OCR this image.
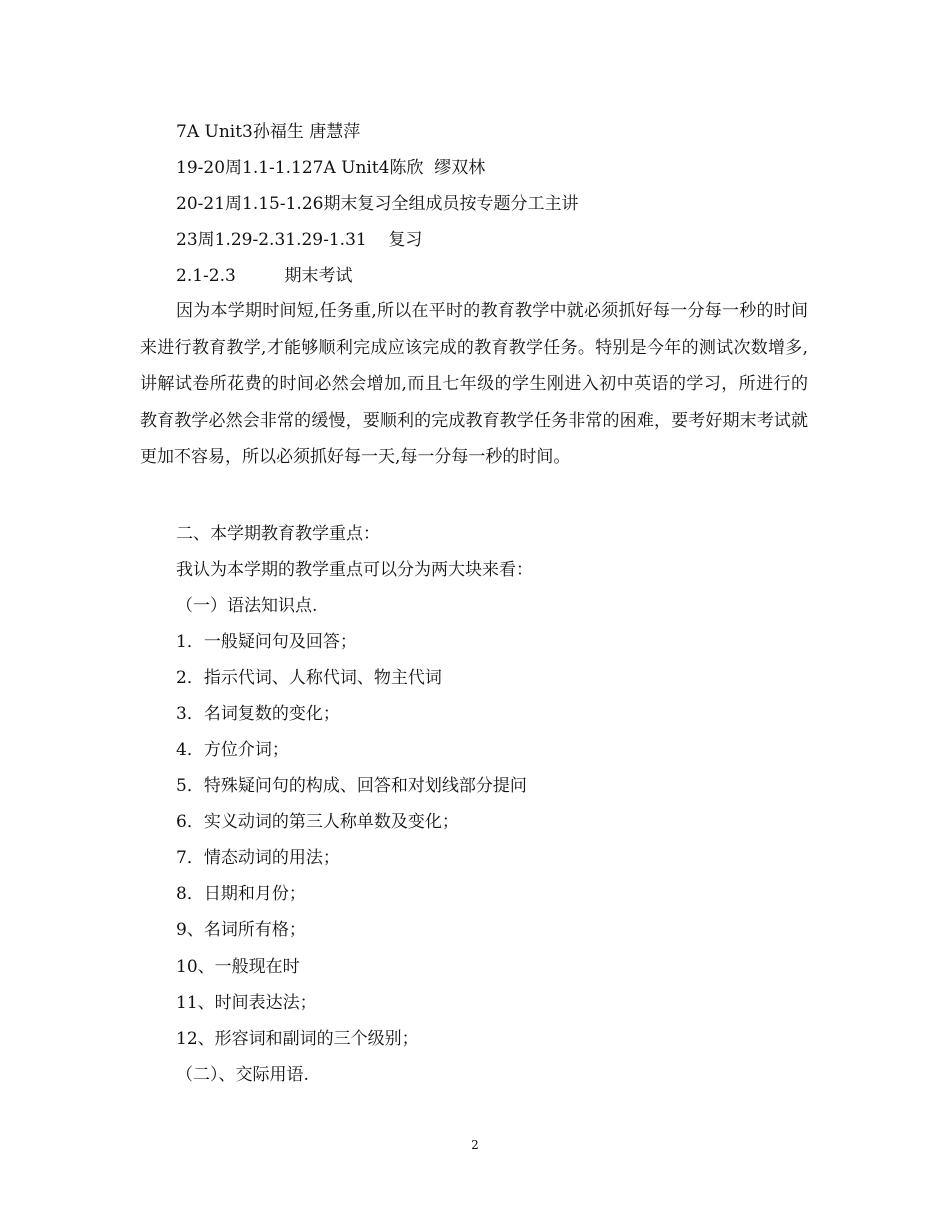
7A Unit3孙福生 唐慧萍
19-20周1.1-1.127A Unit4陈欣  缪双林
20-21周1.15-1.26期末复习全组成员按专题分工主讲
23周1.29-2.31.29-1.31    复习
2.1-2.3         期末考试
因为本学期时间短,任务重,所以在平时的教育教学中就必须抓好每一分每一秒的时间来进行教育教学,才能够顺利完成应该完成的教育教学任务。特别是今年的测试次数增多,讲解试卷所花费的时间必然会增加,而且七年级的学生刚进入初中英语的学习，所进行的教育教学必然会非常的缓慢，要顺利的完成教育教学任务非常的困难，要考好期末考试就更加不容易，所以必须抓好每一天,每一分每一秒的时间。
二、本学期教育教学重点：
我认为本学期的教学重点可以分为两大块来看：
（一）语法知识点.
1．一般疑问句及回答；
2．指示代词、人称代词、物主代词
3．名词复数的变化；
4．方位介词；
5．特殊疑问句的构成、回答和对划线部分提问
6．实义动词的第三人称单数及变化；
7．情态动词的用法；
8．日期和月份；
9、名词所有格；
10、一般现在时
11、时间表达法；
12、形容词和副词的三个级别；
（二）、交际用语.
2
